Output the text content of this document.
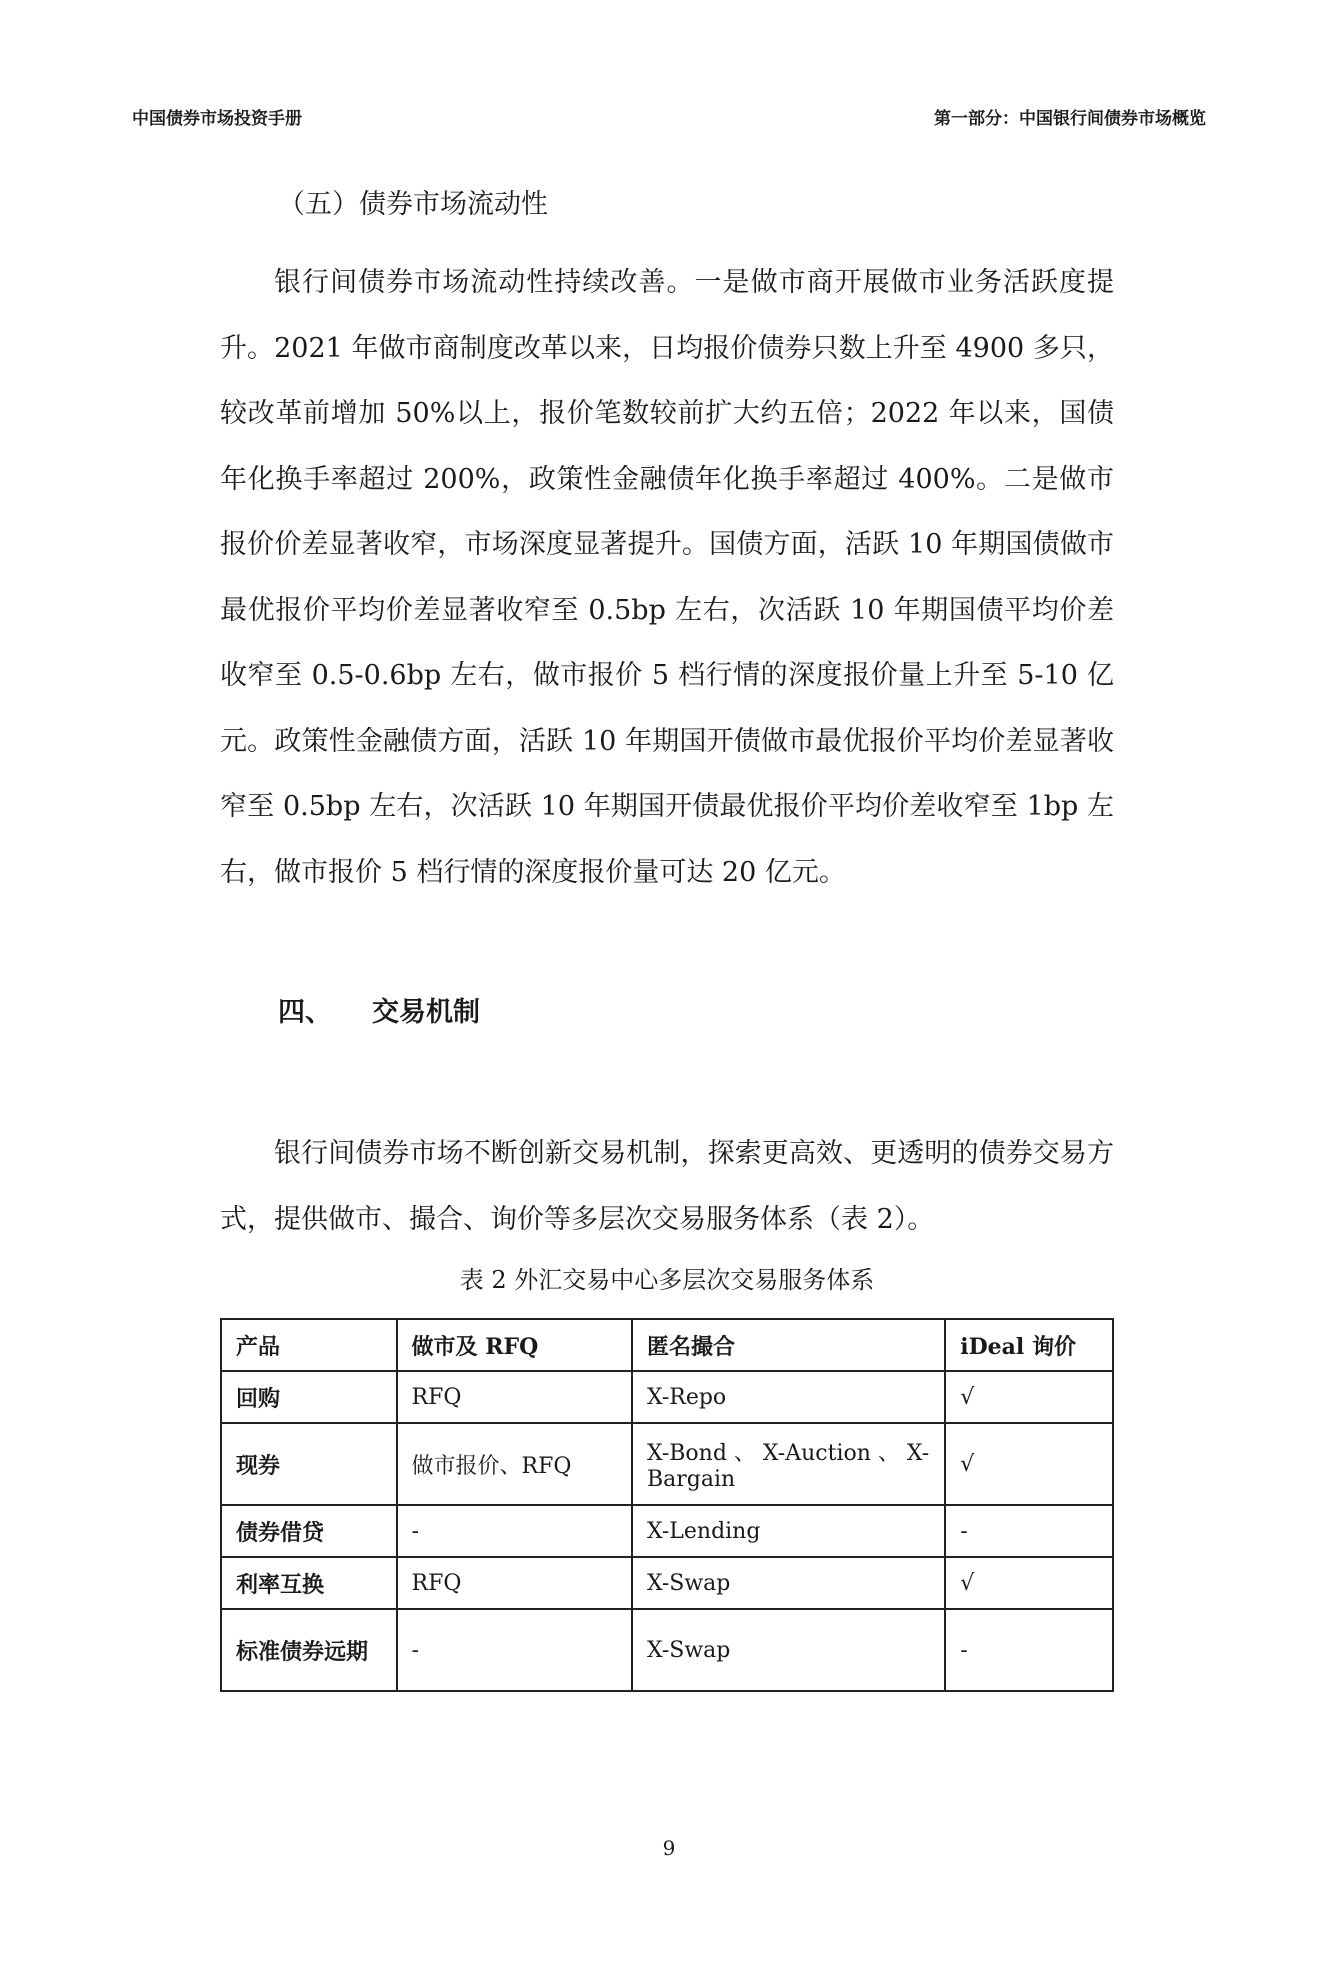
中国债券市场投资手册	第一部分：中国银行间债券市场概览
（五）债券市场流动性

银行间债券市场流动性持续改善。一是做市商开展做市业务活跃度提升。2021 年做市商制度改革以来，日均报价债券只数上升至 4900 多只，较改革前增加 50%以上，报价笔数较前扩大约五倍；2022 年以来，国债年化换手率超过 200%，政策性金融债年化换手率超过 400%。二是做市报价价差显著收窄，市场深度显著提升。国债方面，活跃 10 年期国债做市最优报价平均价差显著收窄至 0.5bp 左右，次活跃 10 年期国债平均价差收窄至 0.5-0.6bp 左右，做市报价 5 档行情的深度报价量上升至 5-10 亿元。政策性金融债方面，活跃 10 年期国开债做市最优报价平均价差显著收窄至 0.5bp 左右，次活跃 10 年期国开债最优报价平均价差收窄至 1bp 左右，做市报价 5 档行情的深度报价量可达 20 亿元。

四、 交易机制

银行间债券市场不断创新交易机制，探索更高效、更透明的债券交易方式，提供做市、撮合、询价等多层次交易服务体系（表 2）。

表 2 外汇交易中心多层次交易服务体系
产品	做市及 RFQ	匿名撮合	iDeal 询价
回购	RFQ	X-Repo	√
现券	做市报价、RFQ	X-Bond 、 X-Auction 、 X-Bargain	√
债券借贷	-	X-Lending	-
利率互换	RFQ	X-Swap	√
标准债券远期	-	X-Swap	-
9
